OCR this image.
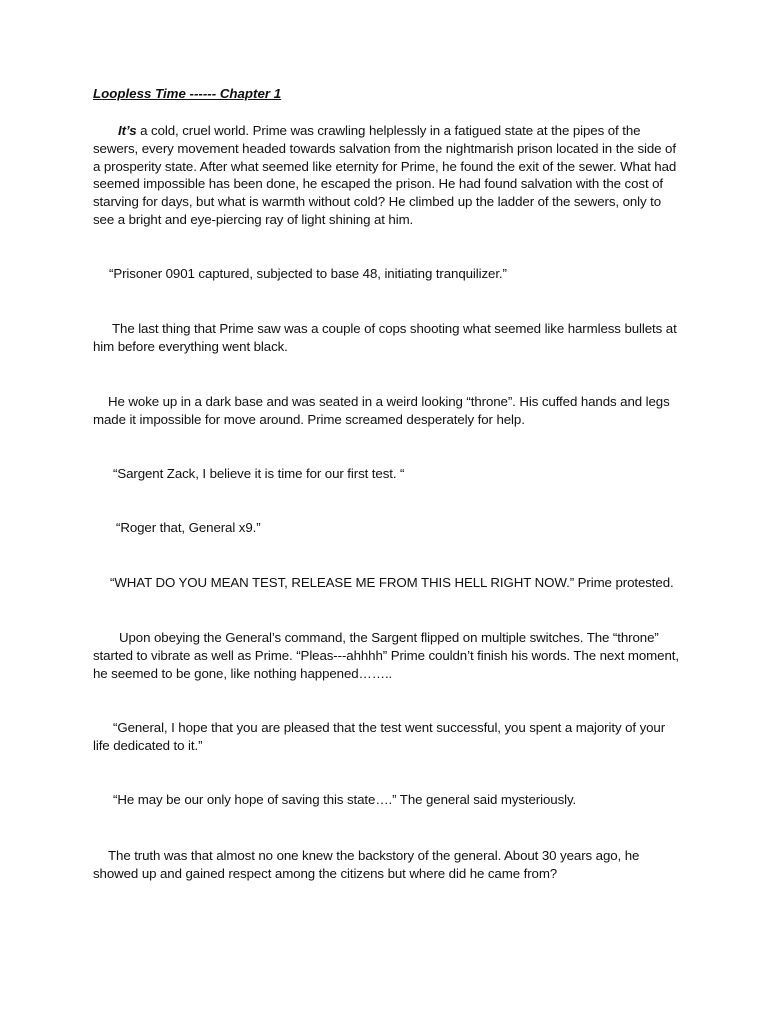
Loopless Time ------ Chapter 1

It’s a cold, cruel world. Prime was crawling helplessly in a fatigued state at the pipes of the sewers, every movement headed towards salvation from the nightmarish prison located in the side of a prosperity state. After what seemed like eternity for Prime, he found the exit of the sewer. What had seemed impossible has been done, he escaped the prison. He had found salvation with the cost of starving for days, but what is warmth without cold? He climbed up the ladder of the sewers, only to see a bright and eye-piercing ray of light shining at him.

“Prisoner 0901 captured, subjected to base 48, initiating tranquilizer.”

The last thing that Prime saw was a couple of cops shooting what seemed like harmless bullets at him before everything went black.

He woke up in a dark base and was seated in a weird looking “throne”. His cuffed hands and legs made it impossible for move around. Prime screamed desperately for help.

“Sargent Zack, I believe it is time for our first test. “

“Roger that, General x9.”

“WHAT DO YOU MEAN TEST, RELEASE ME FROM THIS HELL RIGHT NOW.” Prime protested.

Upon obeying the General’s command, the Sargent flipped on multiple switches. The “throne” started to vibrate as well as Prime. “Pleas---ahhhh” Prime couldn’t finish his words. The next moment, he seemed to be gone, like nothing happened……..

“General, I hope that you are pleased that the test went successful, you spent a majority of your life dedicated to it.”

“He may be our only hope of saving this state….” The general said mysteriously.

The truth was that almost no one knew the backstory of the general. About 30 years ago, he showed up and gained respect among the citizens but where did he came from?
